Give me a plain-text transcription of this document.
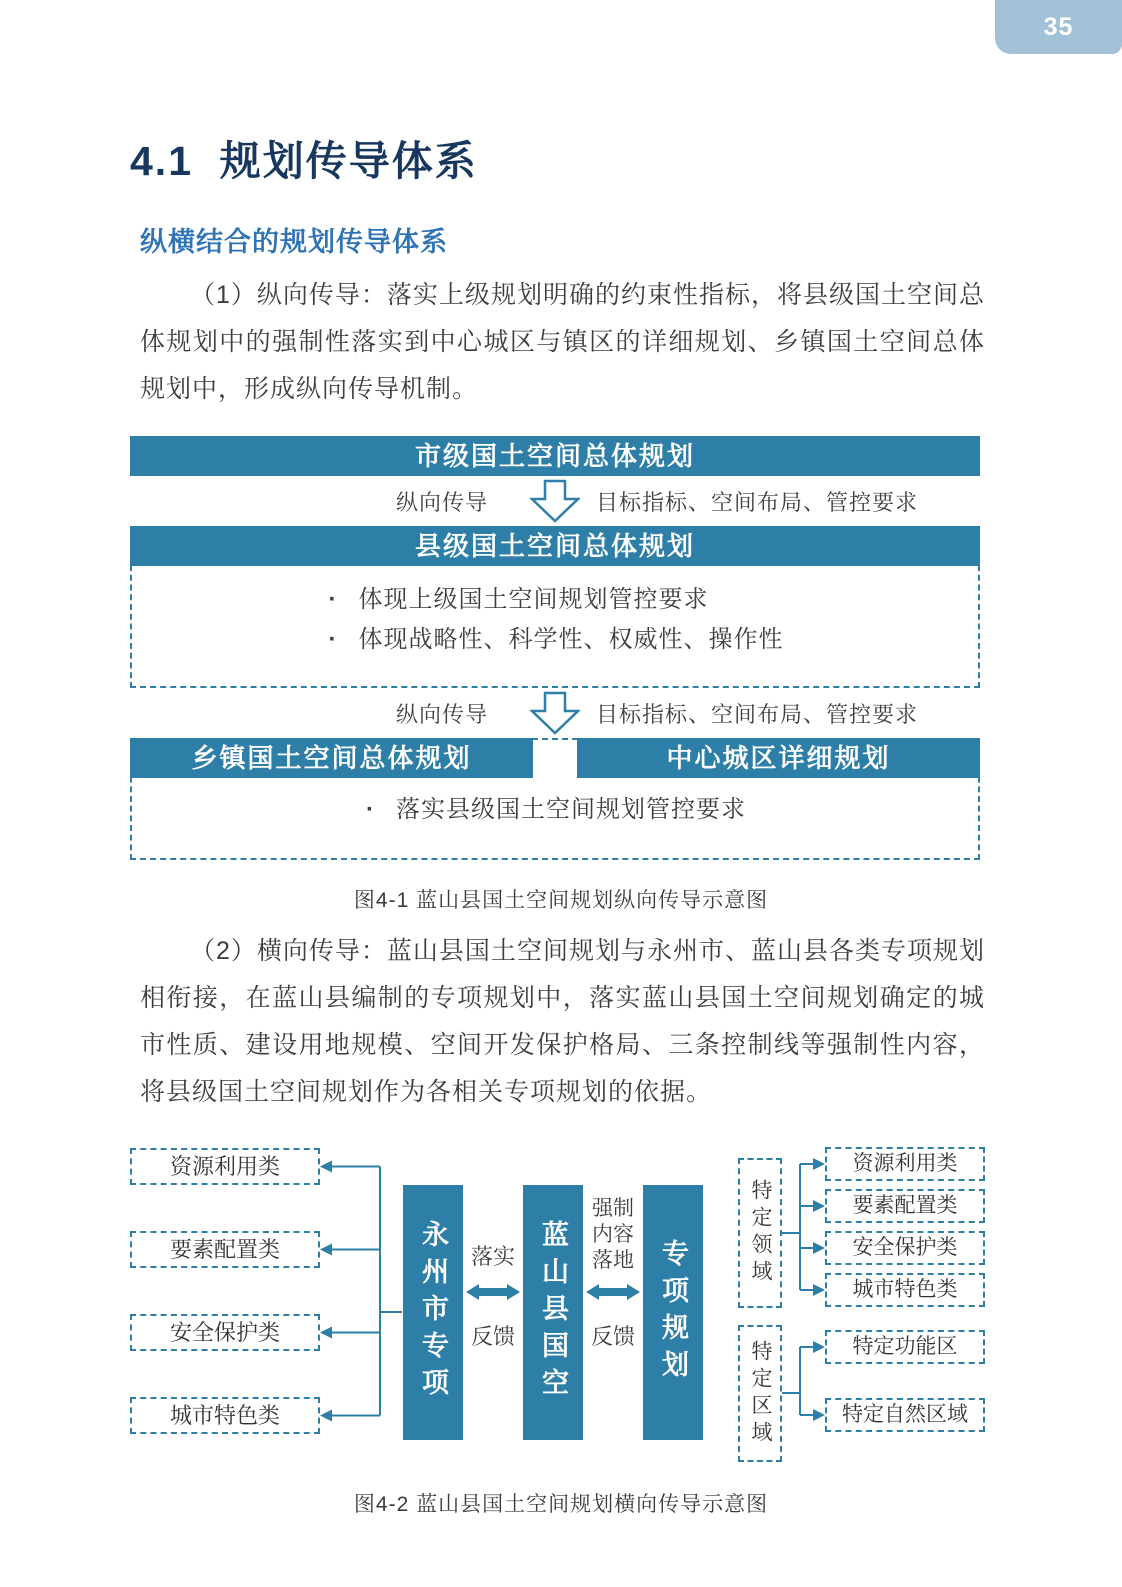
35
4.1  规划传导体系
纵横结合的规划传导体系

（1）纵向传导：落实上级规划明确的约束性指标，将县级国土空间总体规划中的强制性落实到中心城区与镇区的详细规划、乡镇国土空间总体规划中，形成纵向传导机制。

市级国土空间总体规划
纵向传导	目标指标、空间布局、管控要求
县级国土空间总体规划
· 体现上级国土空间规划管控要求
· 体现战略性、科学性、权威性、操作性
纵向传导	目标指标、空间布局、管控要求
乡镇国土空间总体规划	中心城区详细规划
· 落实县级国土空间规划管控要求
图4-1 蓝山县国土空间规划纵向传导示意图

（2）横向传导：蓝山县国土空间规划与永州市、蓝山县各类专项规划相衔接，在蓝山县编制的专项规划中，落实蓝山县国土空间规划确定的城市性质、建设用地规模、空间开发保护格局、三条控制线等强制性内容，将县级国土空间规划作为各相关专项规划的依据。

资源利用类
要素配置类
安全保护类
城市特色类
永州市专项	蓝山县国空	专项规划
落实
反馈
强制内容落地
反馈
特定领域
特定区域
资源利用类
要素配置类
安全保护类
城市特色类
特定功能区
特定自然区域
图4-2 蓝山县国土空间规划横向传导示意图
